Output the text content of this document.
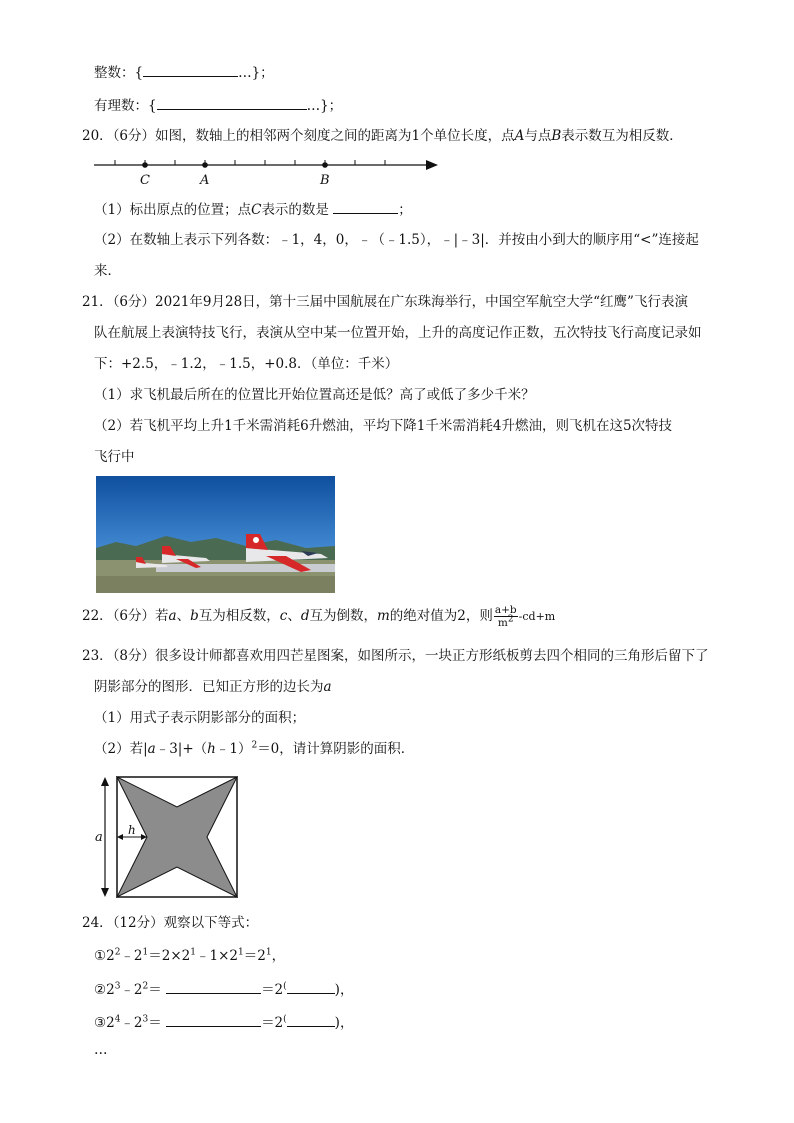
整数：{	…}；
有理数：{	…}；
20．（6分）如图，数轴上的相邻两个刻度之间的距离为1个单位长度，点A与点B表示数互为相反数．
C	A	B
（1）标出原点的位置；点C表示的数是	；
（2）在数轴上表示下列各数：﹣1，4，0，﹣（﹣1.5），﹣|﹣3|．并按由小到大的顺序用“<”连接起
来．
21．（6分）2021年9月28日，第十三届中国航展在广东珠海举行，中国空军航空大学“红鹰”飞行表演
队在航展上表演特技飞行，表演从空中某一位置开始，上升的高度记作正数，五次特技飞行高度记录如
下：+2.5，﹣1.2，﹣1.5，+0.8．（单位：千米）
（1）求飞机最后所在的位置比开始位置高还是低？高了或低了多少千米？
（2）若飞机平均上升1千米需消耗6升燃油，平均下降1千米需消耗4升燃油，则飞机在这5次特技
飞行中
22．（6分）若a、b互为相反数，c、d互为倒数，m的绝对值为2，则 $\frac{a+b}{m^2} -cd+m$
23．（8分）很多设计师都喜欢用四芒星图案，如图所示，一块正方形纸板剪去四个相同的三角形后留下了
阴影部分的图形．已知正方形的边长为a
（1）用式子表示阴影部分的面积；
（2）若|a﹣3|+（h﹣1）$^2$＝0，请计算阴影的面积．
a h
24．（12分）观察以下等式：
$①2^2﹣2^1=2\times 2^1﹣1\times 2^1=2^1$，
$②2^3﹣2^2=$	＝2(	)，
$③2^4﹣2^3=$	＝2(	)，
…
